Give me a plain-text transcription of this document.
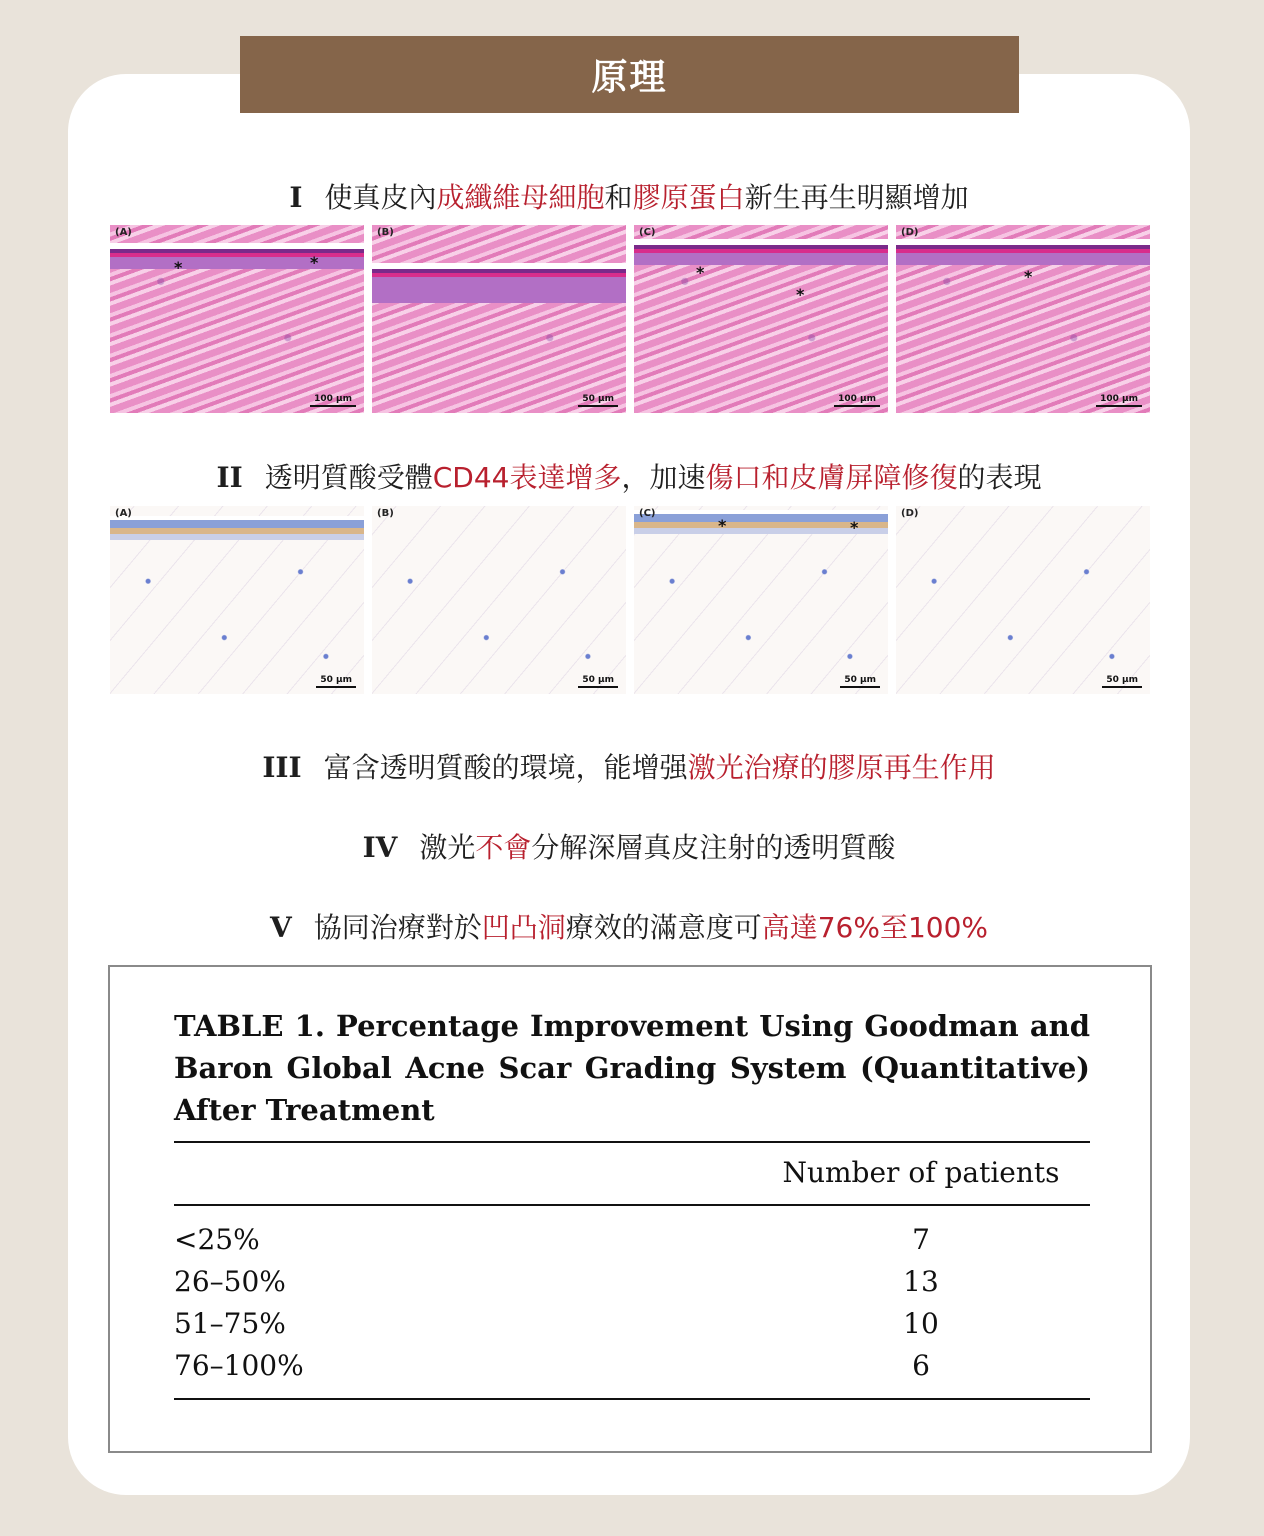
原理
I 使真皮內成纖維母細胞和膠原蛋白新生再生明顯增加
(A)
*	*
100 μm
(B)
50 μm
(C)
*
*
100 μm
(D)
*
100 μm
II 透明質酸受體CD44表達增多，加速傷口和皮膚屏障修復的表現
(A)
50 μm
(B)
50 μm
(C)
*	*
50 μm
(D)
50 μm
III 富含透明質酸的環境，能增强激光治療的膠原再生作用
IV 激光不會分解深層真皮注射的透明質酸
V 協同治療對於凹凸洞療效的滿意度可高達76%至100%
TABLE 1. Percentage Improvement Using Goodman and Baron Global Acne Scar Grading System (Quantitative) After Treatment
Number of patients
<25%	7
26–50%	13
51–75%	10
76–100%	6
